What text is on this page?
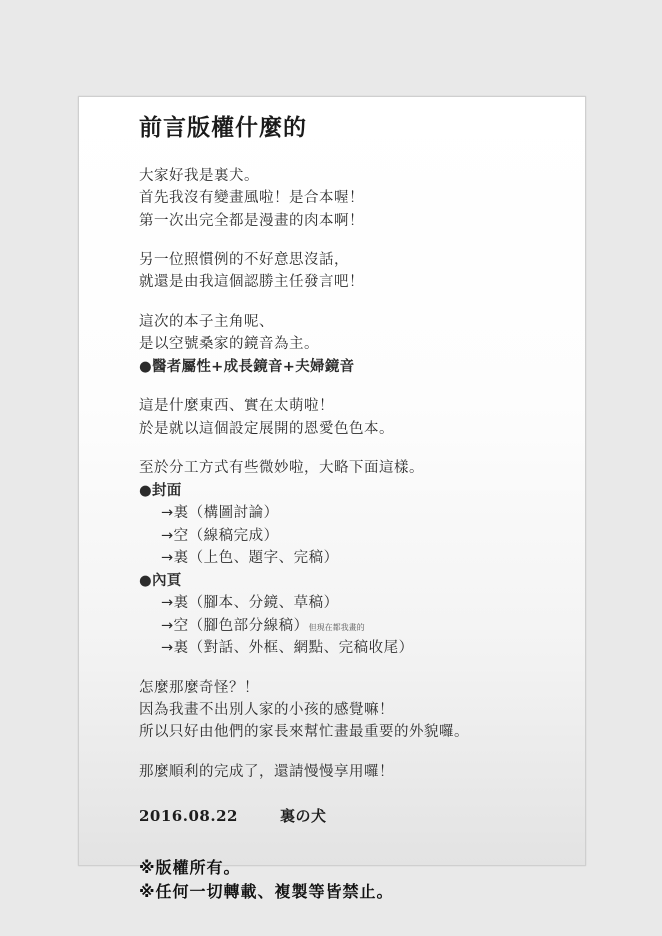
前言版權什麼的
大家好我是裏犬。
首先我沒有變畫風啦！是合本喔！
第一次出完全都是漫畫的肉本啊！
另一位照慣例的不好意思沒話，
就還是由我這個認勝主任發言吧！
這次的本子主角呢、
是以空號桑家的鏡音為主。
●醫者屬性+成長鏡音+夫婦鏡音
這是什麼東西、實在太萌啦！
於是就以這個設定展開的恩愛色色本。
至於分工方式有些微妙啦，大略下面這樣。
●封面
→裏（構圖討論）
→空（線稿完成）
→裏（上色、題字、完稿）
●內頁
→裏（腳本、分鏡、草稿）
→空（腳色部分線稿）但現在都我畫的
→裏（對話、外框、網點、完稿收尾）
怎麼那麼奇怪？！
因為我畫不出別人家的小孩的感覺嘛！
所以只好由他們的家長來幫忙畫最重要的外貌囉。
那麼順利的完成了，還請慢慢享用囉！
2016.08.22	裏の犬
※版權所有。
※任何一切轉載、複製等皆禁止。
